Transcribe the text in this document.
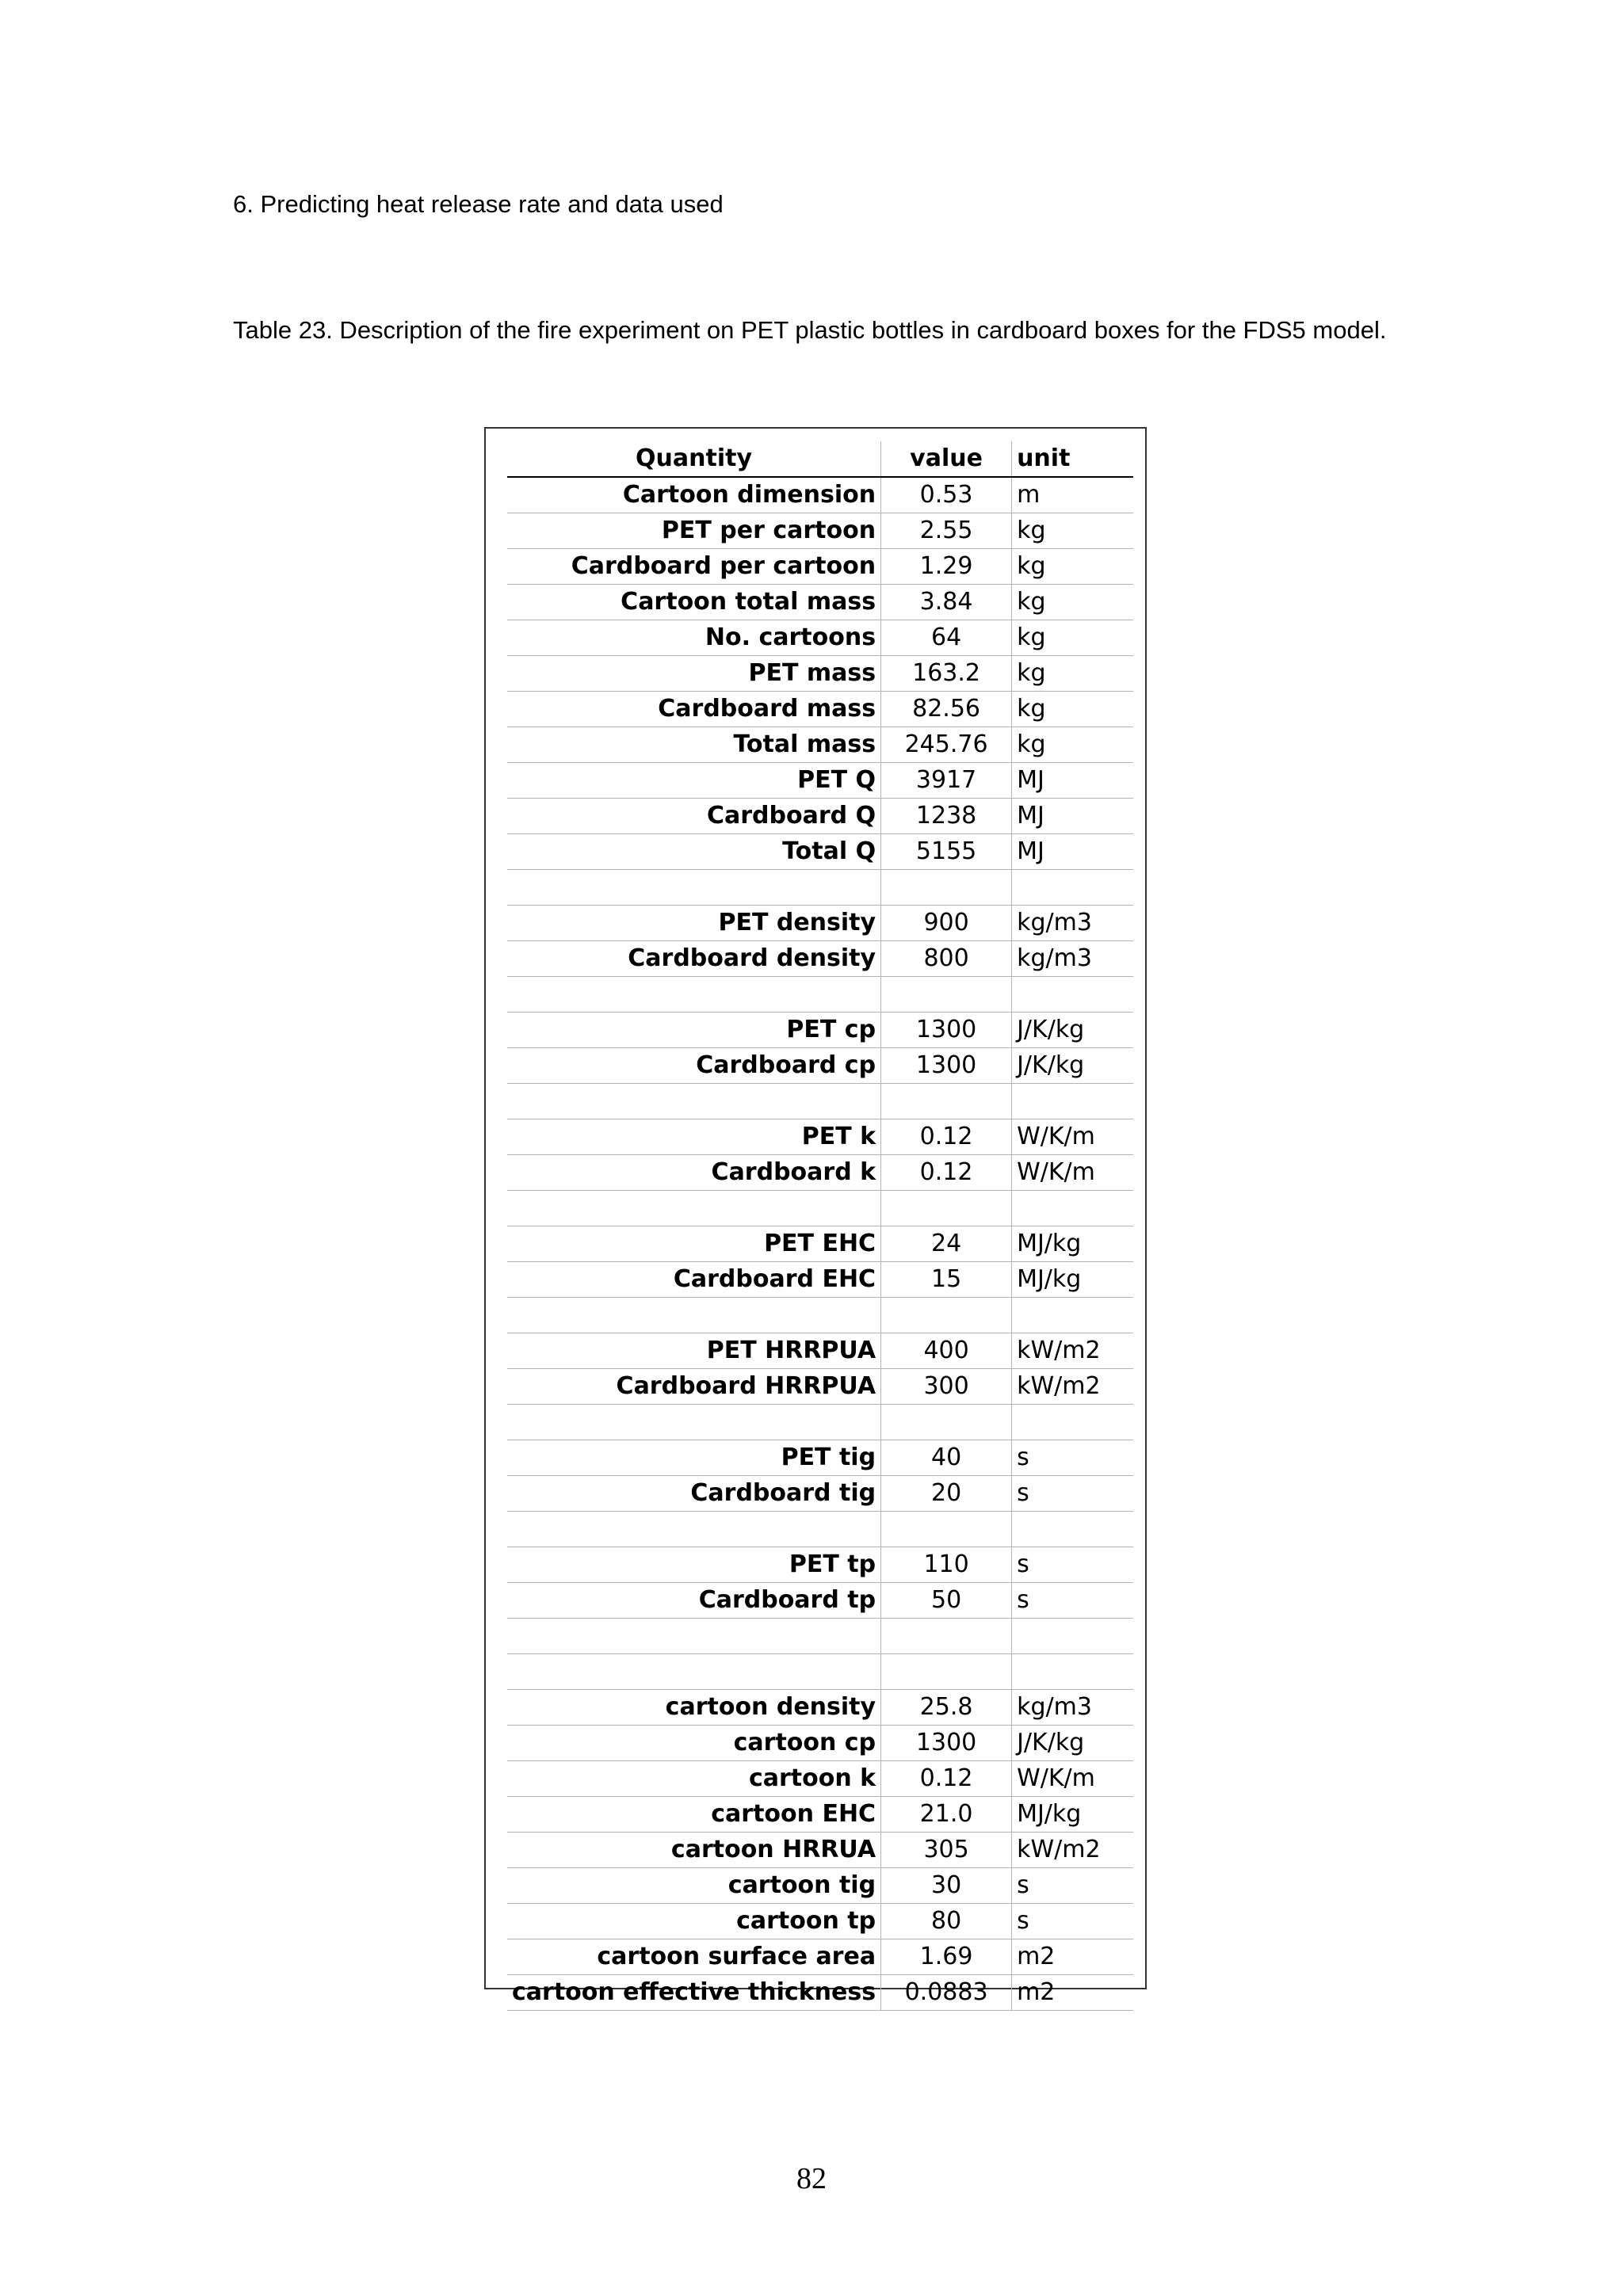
6. Predicting heat release rate and data used

Table 23. Description of the fire experiment on PET plastic bottles in cardboard boxes for the FDS5 model.

Quantity	value	unit
Cartoon dimension	0.53	m
PET per cartoon	2.55	kg
Cardboard per cartoon	1.29	kg
Cartoon total mass	3.84	kg
No. cartoons	64	kg
PET mass	163.2	kg
Cardboard mass	82.56	kg
Total mass	245.76	kg
PET Q	3917	MJ
Cardboard Q	1238	MJ
Total Q	5155	MJ

PET density	900	kg/m3
Cardboard density	800	kg/m3

PET cp	1300	J/K/kg
Cardboard cp	1300	J/K/kg

PET k	0.12	W/K/m
Cardboard k	0.12	W/K/m

PET EHC	24	MJ/kg
Cardboard EHC	15	MJ/kg

PET HRRPUA	400	kW/m2
Cardboard HRRPUA	300	kW/m2

PET tig	40	s
Cardboard tig	20	s

PET tp	110	s
Cardboard tp	50	s

cartoon density	25.8	kg/m3
cartoon cp	1300	J/K/kg
cartoon k	0.12	W/K/m
cartoon EHC	21.0	MJ/kg
cartoon HRRUA	305	kW/m2
cartoon tig	30	s
cartoon tp	80	s
cartoon surface area	1.69	m2
cartoon effective thickness	0.0883	m2
82
